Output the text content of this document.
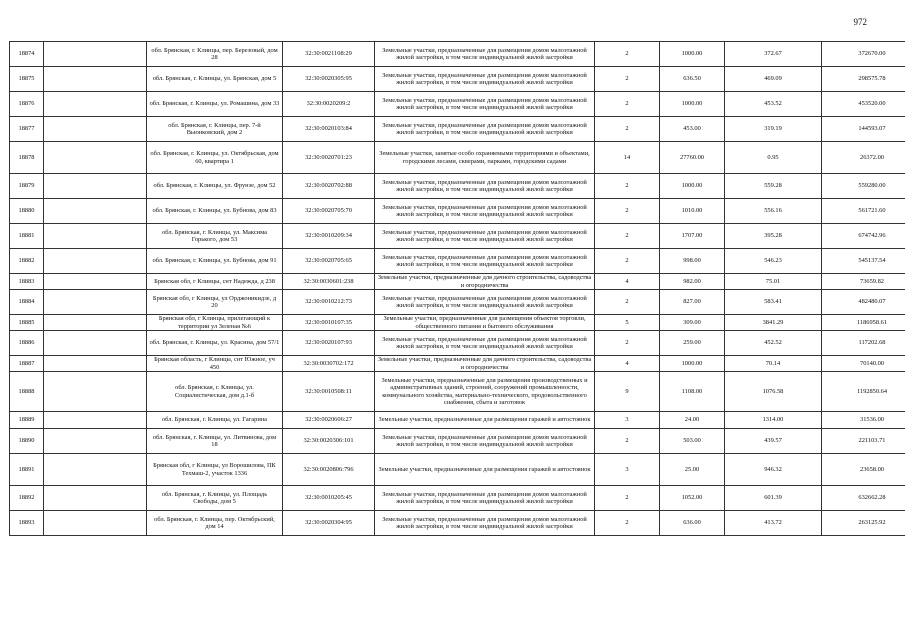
972
18874		обл. Брянская, г. Клинцы, пер. Березовый, дом 28	32:30:0021108:29	Земельные участки, предназначенные для размещения домов малоэтажной жилой застройки, в том числе индивидуальной жилой застройки	2	1000.00	372.67	372670.00
18875		обл. Брянская, г. Клинцы, ул. Брянская, дом 5	32:30:0020305:95	Земельные участки, предназначенные для размещения домов малоэтажной жилой застройки, в том числе индивидуальной жилой застройки	2	636.50	469.09	298575.78
18876		обл. Брянская, г. Клинцы, ул. Ромашина, дом 33	32:30:0020209:2	Земельные участки, предназначенные для размещения домов малоэтажной жилой застройки, в том числе индивидуальной жилой застройки	2	1000.00	453.52	453520.00
18877		обл. Брянская, г. Клинцы, пер. 7-й Вьюнковский, дом 2	32:30:0020103:84	Земельные участки, предназначенные для размещения домов малоэтажной жилой застройки, в том числе индивидуальной жилой застройки	2	453.00	319.19	144593.07
18878		обл. Брянская, г. Клинцы, ул. Октябрьская, дом 60, квартира 1	32:30:0020701:23	Земельные участки, занятые особо охраняемыми территориями и объектами, городскими лесами, скверами, парками, городскими садами	14	27760.00	0.95	26372.00
18879		обл. Брянская, г. Клинцы, ул. Фрунзе, дом 52	32:30:0020702:88	Земельные участки, предназначенные для размещения домов малоэтажной жилой застройки, в том числе индивидуальной жилой застройки	2	1000.00	559.28	559280.00
18880		обл. Брянская, г. Клинцы, ул. Бубнова, дом 83	32:30:0020705:70	Земельные участки, предназначенные для размещения домов малоэтажной жилой застройки, в том числе индивидуальной жилой застройки	2	1010.00	556.16	561721.60
18881		обл. Брянская, г. Клинцы, ул. Максима Горького, дом 53	32:30:0010209:34	Земельные участки, предназначенные для размещения домов малоэтажной жилой застройки, в том числе индивидуальной жилой застройки	2	1707.00	395.28	674742.96
18882		обл. Брянская, г. Клинцы, ул. Бубнова, дом 91	32:30:0020705:65	Земельные участки, предназначенные для размещения домов малоэтажной жилой застройки, в том числе индивидуальной жилой застройки	2	998.00	546.23	545137.54
18883		Брянская обл, г Клинцы, снт Надежда, д 238	32:30:0030601:238	Земельные участки, предназначенные для дачного строительства, садоводства и огородничества	4	982.00	75.01	73659.82
18884		Брянская обл, г Клинцы, ул Орджоникидзе, д 20	32:30:0010212:73	Земельные участки, предназначенные для размещения домов малоэтажной жилой застройки, в том числе индивидуальной жилой застройки	2	827.00	583.41	482480.07
18885		Брянская обл, г Клинцы, прилегающий к территории ул Зеленая №6	32:30:0010107:35	Земельные участки, предназначенные для размещения объектов торговли, общественного питания и бытового обслуживания	5	309.00	3841.29	1186958.61
18886		обл. Брянская, г. Клинцы, ул. Красина, дом 57/1	32:30:0020107:93	Земельные участки, предназначенные для размещения домов малоэтажной жилой застройки, в том числе индивидуальной жилой застройки	2	259.00	452.52	117202.68
18887		Брянская область, г Клинцы, снт Южное, уч 450	32:30:0030702:172	Земельные участки, предназначенные для дачного строительства, садоводства и огородничества	4	1000.00	70.14	70140.00
18888		обл. Брянская, г. Клинцы, ул. Социалистическая, дом д.1-б	32:30:0010508:11	Земельные участки, предназначенные для размещения производственных и административных зданий, строений, сооружений промышленности, коммунального хозяйства, материально-технического, продовольственного снабжения, сбыта и заготовок	9	1108.00	1076.58	1192850.64
18889		обл. Брянская, г. Клинцы, ул. Гагарина	32:30:0020606:27	Земельные участки, предназначенные для размещения гаражей и автостоянок	3	24.00	1314.00	31536.00
18890		обл. Брянская, г. Клинцы, ул. Литвинова, дом 18	32:30:0020306:101	Земельные участки, предназначенные для размещения домов малоэтажной жилой застройки, в том числе индивидуальной жилой застройки	2	503.00	439.57	221103.71
18891		Брянская обл, г Клинцы, ул Ворошилова, ПК Техмаш-2, участок 1336	32:30:0020806:796	Земельные участки, предназначенные для размещения гаражей и автостоянок	3	25.00	946.32	23658.00
18892		обл. Брянская, г. Клинцы, ул. Площадь Свободы, дом 5	32:30:0010205:45	Земельные участки, предназначенные для размещения домов малоэтажной жилой застройки, в том числе индивидуальной жилой застройки	2	1052.00	601.39	632662.28
18893		обл. Брянская, г. Клинцы, пер. Октябрьский, дом 14	32:30:0020304:95	Земельные участки, предназначенные для размещения домов малоэтажной жилой застройки, в том числе индивидуальной жилой застройки	2	636.00	413.72	263125.92
